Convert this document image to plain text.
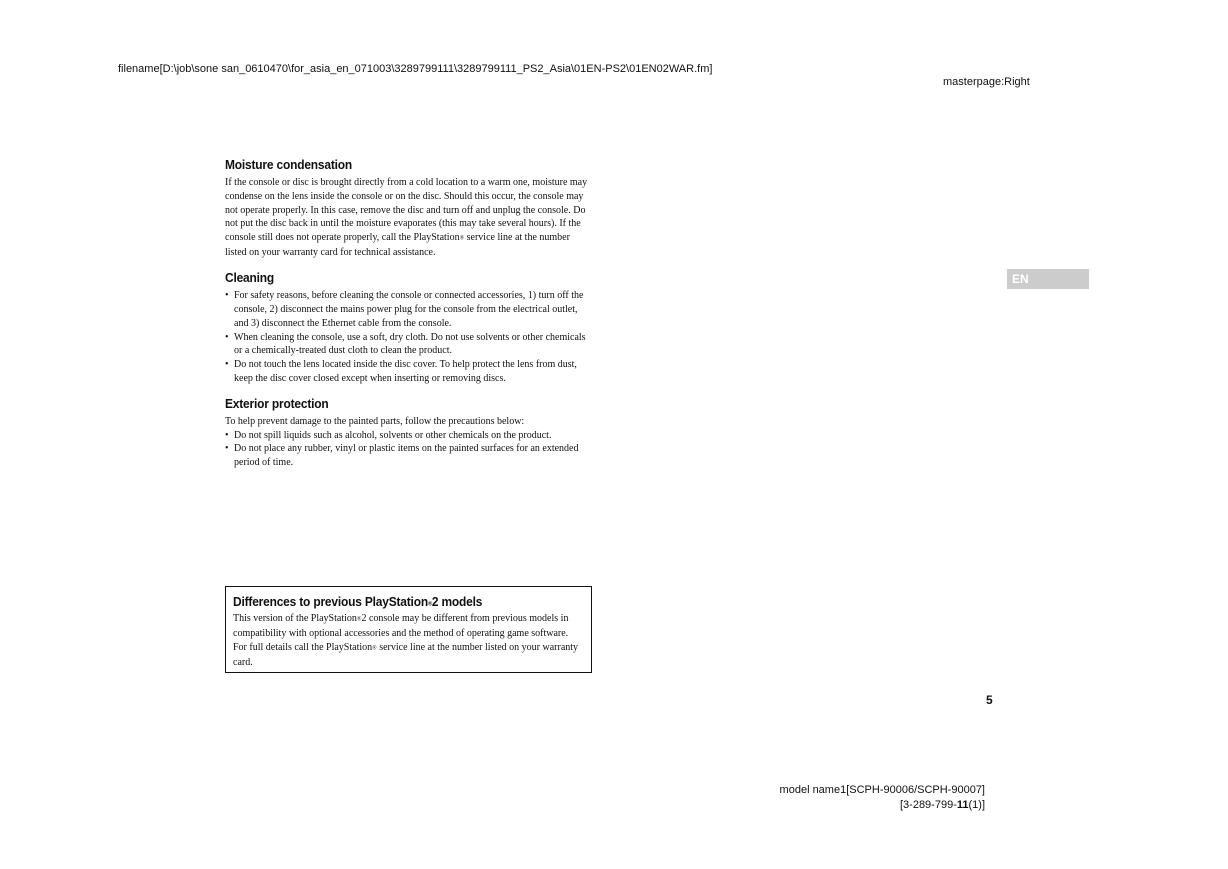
filename[D:\job\sone san_0610470\for_asia_en_071003\3289799111\3289799111_PS2_Asia\01EN-PS2\01EN02WAR.fm]
masterpage:Right
Moisture condensation

If the console or disc is brought directly from a cold location to a warm one, moisture may condense on the lens inside the console or on the disc. Should this occur, the console may not operate properly. In this case, remove the disc and turn off and unplug the console. Do not put the disc back in until the moisture evaporates (this may take several hours). If the console still does not operate properly, call the PlayStation® service line at the number listed on your warranty card for technical assistance.

Cleaning
• For safety reasons, before cleaning the console or connected accessories, 1) turn off the console, 2) disconnect the mains power plug for the console from the electrical outlet, and 3) disconnect the Ethernet cable from the console.
• When cleaning the console, use a soft, dry cloth. Do not use solvents or other chemicals or a chemically-treated dust cloth to clean the product.
• Do not touch the lens located inside the disc cover. To help protect the lens from dust, keep the disc cover closed except when inserting or removing discs.
Exterior protection

To help prevent damage to the painted parts, follow the precautions below:

• Do not spill liquids such as alcohol, solvents or other chemicals on the product.
• Do not place any rubber, vinyl or plastic items on the painted surfaces for an extended period of time.
Differences to previous PlayStation®2 models

This version of the PlayStation®2 console may be different from previous models in compatibility with optional accessories and the method of operating game software. For full details call the PlayStation® service line at the number listed on your warranty card.

EN
5
model name1[SCPH-90006/SCPH-90007]
[3-289-799-11(1)]
